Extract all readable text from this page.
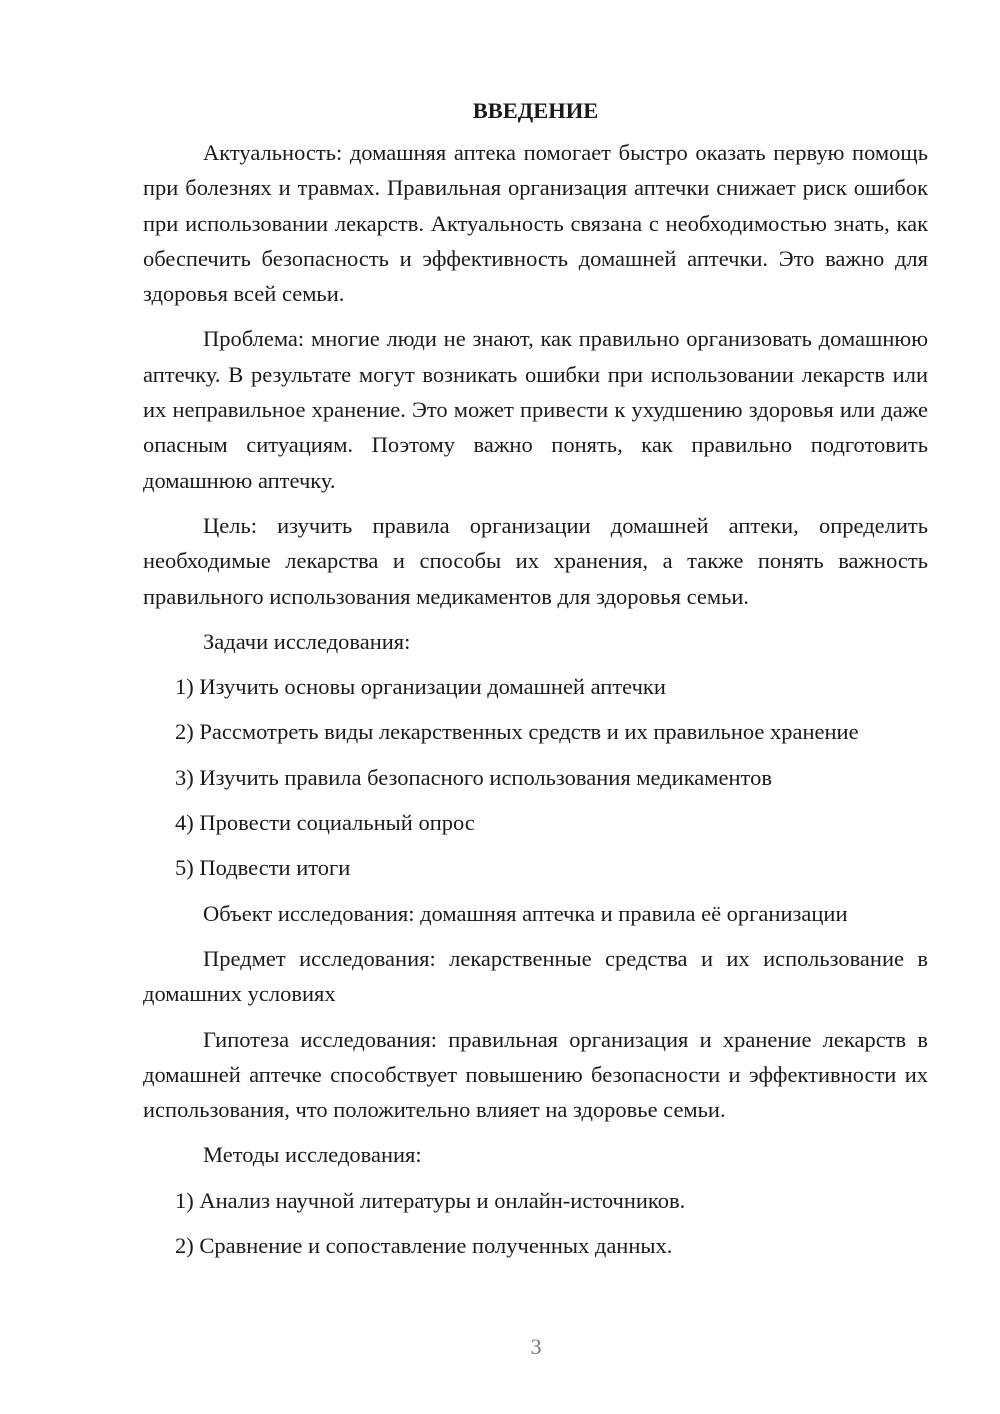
ВВЕДЕНИЕ

Актуальность: домашняя аптека помогает быстро оказать первую помощь при болезнях и травмах. Правильная организация аптечки снижает риск ошибок при использовании лекарств. Актуальность связана с необходимостью знать, как обеспечить безопасность и эффективность домашней аптечки. Это важно для здоровья всей семьи.

Проблема: многие люди не знают, как правильно организовать домашнюю аптечку. В результате могут возникать ошибки при использовании лекарств или их неправильное хранение. Это может привести к ухудшению здоровья или даже опасным ситуациям. Поэтому важно понять, как правильно подготовить домашнюю аптечку.

Цель: изучить правила организации домашней аптеки, определить необходимые лекарства и способы их хранения, а также понять важность правильного использования медикаментов для здоровья семьи.

Задачи исследования:

1) Изучить основы организации домашней аптечки
2) Рассмотреть виды лекарственных средств и их правильное хранение
3) Изучить правила безопасного использования медикаментов
4) Провести социальный опрос
5) Подвести итоги

Объект исследования: домашняя аптечка и правила её организации

Предмет исследования: лекарственные средства и их использование в домашних условиях

Гипотеза исследования: правильная организация и хранение лекарств в домашней аптечке способствует повышению безопасности и эффективности их использования, что положительно влияет на здоровье семьи.

Методы исследования:

1) Анализ научной литературы и онлайн-источников.
2) Сравнение и сопоставление полученных данных.
3
